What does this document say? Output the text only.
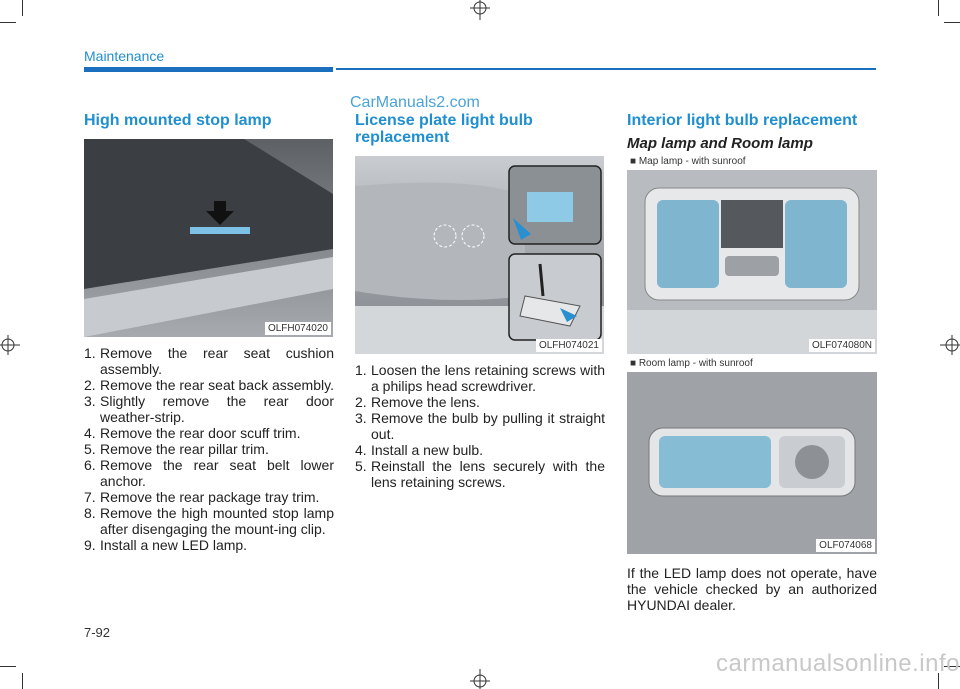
Maintenance
CarManuals2.com
High mounted stop lamp
OLFH074020
1. Remove the rear seat cushion assembly.
2. Remove the rear seat back assembly.
3. Slightly remove the rear door weather-strip.
4. Remove the rear door scuff trim.
5. Remove the rear pillar trim.
6. Remove the rear seat belt lower anchor.
7. Remove the rear package tray trim.
8. Remove the high mounted stop lamp after disengaging the mount-ing clip.
9. Install a new LED lamp.
License plate light bulb replacement
OLFH074021
1. Loosen the lens retaining screws with a philips head screwdriver.
2. Remove the lens.
3. Remove the bulb by pulling it straight out.
4. Install a new bulb.
5. Reinstall the lens securely with the lens retaining screws.
Interior light bulb replacement
Map lamp and Room lamp
■ Map lamp - with sunroof
OLF074080N
■ Room lamp - with sunroof
OLF074068
If the LED lamp does not operate, have the vehicle checked by an authorized HYUNDAI dealer.
7-92
carmanualsonline.info
